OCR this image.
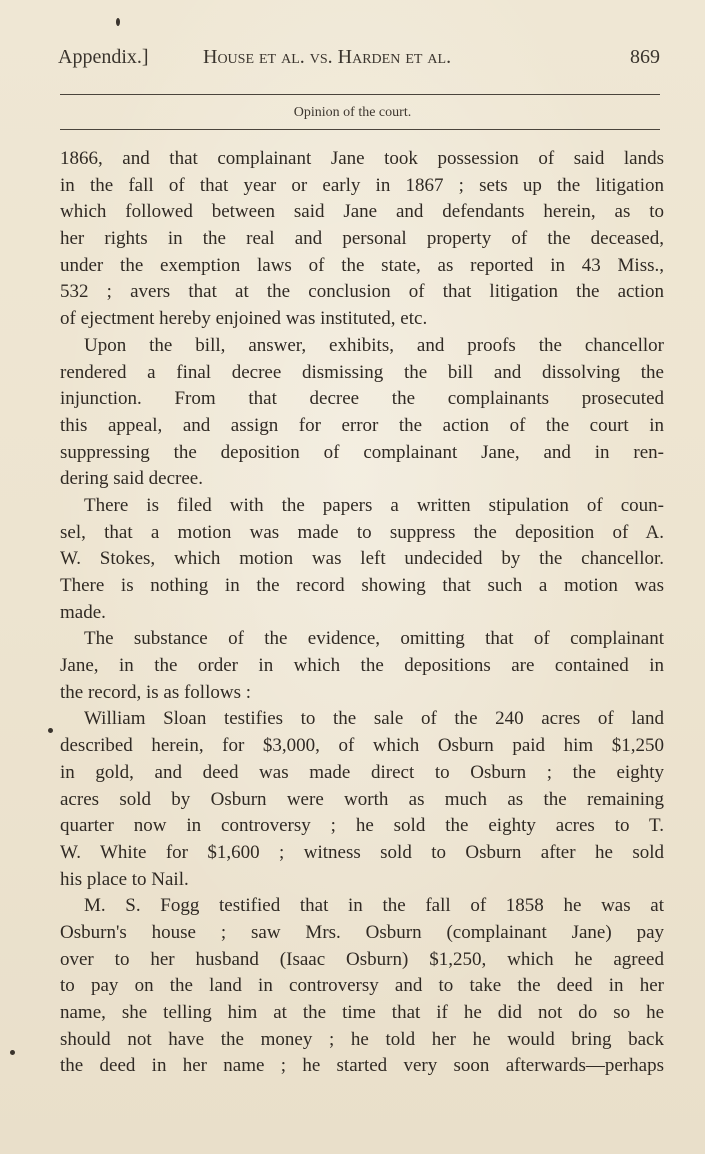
Appendix.]	House et al. vs. Harden et al.	869
Opinion of the court.
1866, and that complainant Jane took possession of said lands
in the fall of that year or early in 1867 ; sets up the litigation
which followed between said Jane and defendants herein, as to
her rights in the real and personal property of the deceased,
under the exemption laws of the state, as reported in 43 Miss.,
532 ; avers that at the conclusion of that litigation the action
of ejectment hereby enjoined was instituted, etc.
Upon the bill, answer, exhibits, and proofs the chancellor
rendered a final decree dismissing the bill and dissolving the
injunction. From that decree the complainants prosecuted
this appeal, and assign for error the action of the court in
suppressing the deposition of complainant Jane, and in ren-
dering said decree.
There is filed with the papers a written stipulation of coun-
sel, that a motion was made to suppress the deposition of A.
W. Stokes, which motion was left undecided by the chancellor.
There is nothing in the record showing that such a motion was
made.
The substance of the evidence, omitting that of complainant
Jane, in the order in which the depositions are contained in
the record, is as follows :
William Sloan testifies to the sale of the 240 acres of land
described herein, for $3,000, of which Osburn paid him $1,250
in gold, and deed was made direct to Osburn ; the eighty
acres sold by Osburn were worth as much as the remaining
quarter now in controversy ; he sold the eighty acres to T.
W. White for $1,600 ; witness sold to Osburn after he sold
his place to Nail.
M. S. Fogg testified that in the fall of 1858 he was at
Osburn's house ; saw Mrs. Osburn (complainant Jane) pay
over to her husband (Isaac Osburn) $1,250, which he agreed
to pay on the land in controversy and to take the deed in her
name, she telling him at the time that if he did not do so he
should not have the money ; he told her he would bring back
the deed in her name ; he started very soon afterwards—perhaps
